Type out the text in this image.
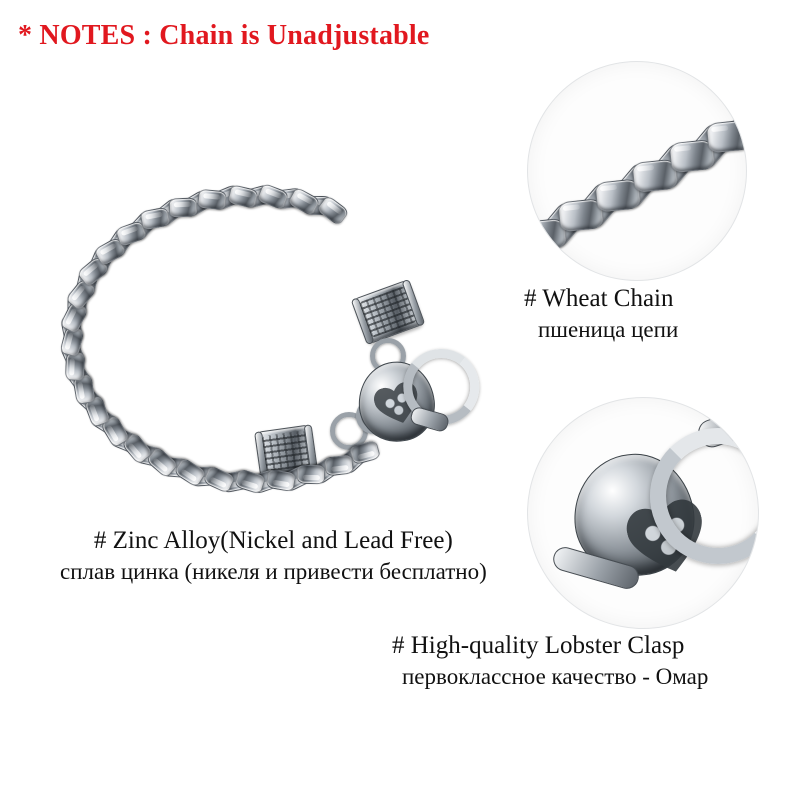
* NOTES : Chain is Unadjustable
# Zinc Alloy(Nickel and Lead Free)
сплав цинка (никеля и привести бесплатно)
# Wheat Chain
пшеница цепи
# High-quality Lobster Clasp
первоклассное качество - Омар
